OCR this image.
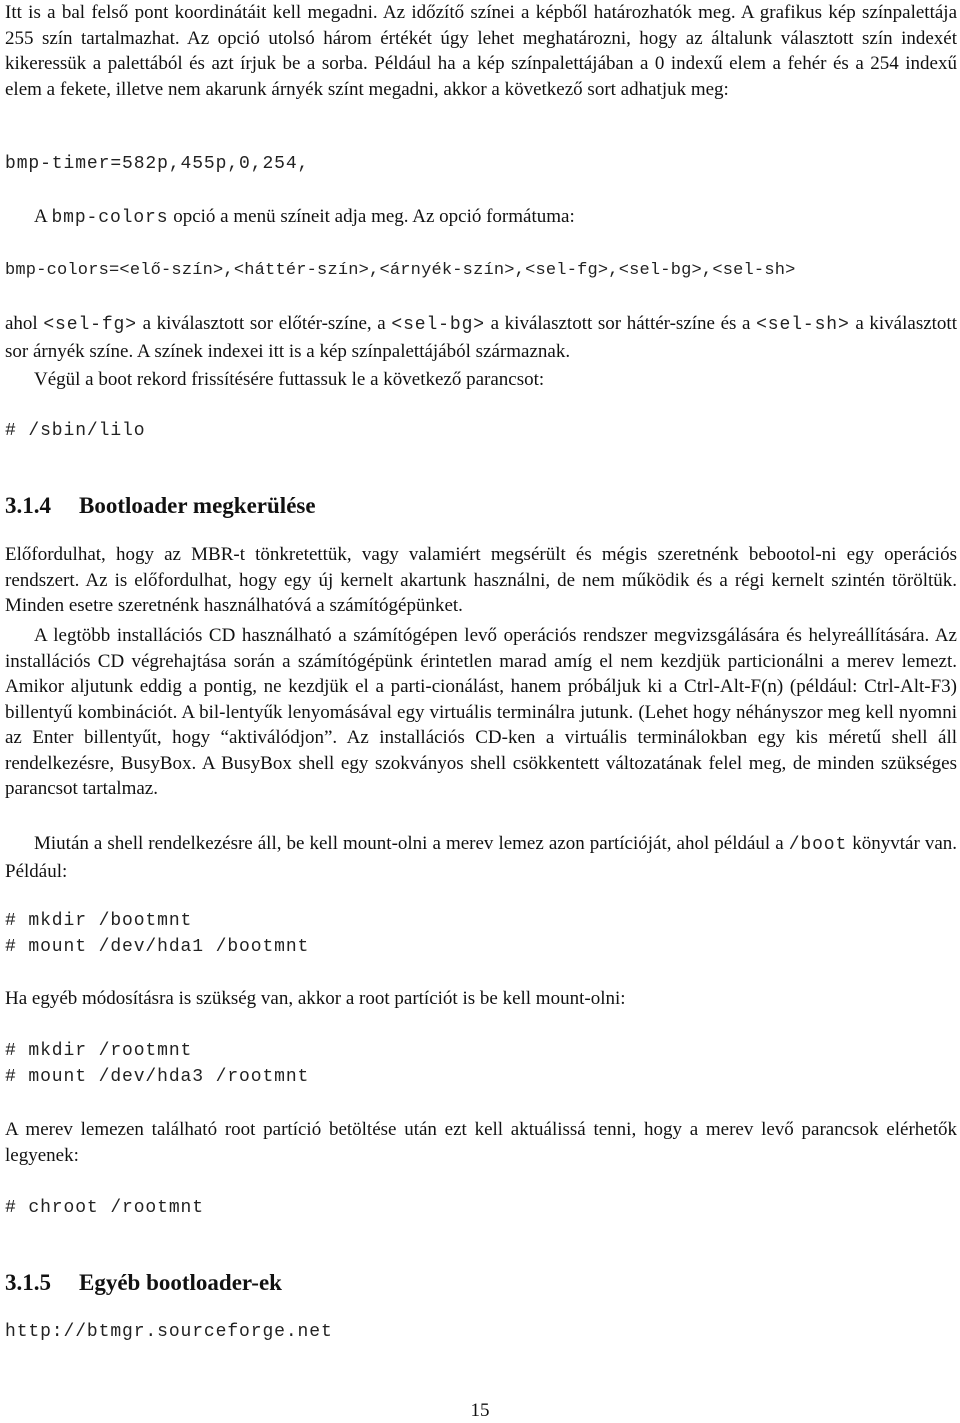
Itt is a bal felső pont koordinátáit kell megadni. Az időzítő színei a képből határozhatók meg. A grafikus kép színpalettája 255 szín tartalmazhat. Az opció utolsó három értékét úgy lehet meghatározni, hogy az általunk választott szín indexét kikeressük a palettából és azt írjuk be a sorba. Például ha a kép színpalettájában a 0 indexű elem a fehér és a 254 indexű elem a fekete, illetve nem akarunk árnyék színt megadni, akkor a következő sort adhatjuk meg:

bmp-timer=582p,455p,0,254,

A bmp-colors opció a menü színeit adja meg. Az opció formátuma:

bmp-colors=<elő-szín>,<háttér-szín>,<árnyék-szín>,<sel-fg>,<sel-bg>,<sel-sh>

ahol <sel-fg> a kiválasztott sor előtér-színe, a <sel-bg> a kiválasztott sor háttér-színe és a <sel-sh> a kiválasztott sor árnyék színe. A színek indexei itt is a kép színpalettájából származnak.

Végül a boot rekord frissítésére futtassuk le a következő parancsot:

# /sbin/lilo
3.1.4 Bootloader megkerülése

Előfordulhat, hogy az MBR-t tönkretettük, vagy valamiért megsérült és mégis szeretnénk bebootol-ni egy operációs rendszert. Az is előfordulhat, hogy egy új kernelt akartunk használni, de nem működik és a régi kernelt szintén töröltük. Minden esetre szeretnénk használhatóvá a számítógépünket.

A legtöbb installációs CD használható a számítógépen levő operációs rendszer megvizsgálására és helyreállítására. Az installációs CD végrehajtása során a számítógépünk érintetlen marad amíg el nem kezdjük particionálni a merev lemezt. Amikor aljutunk eddig a pontig, ne kezdjük el a parti-cionálást, hanem próbáljuk ki a Ctrl-Alt-F(n) (például: Ctrl-Alt-F3) billentyű kombinációt. A bil-lentyűk lenyomásával egy virtuális terminálra jutunk. (Lehet hogy néhányszor meg kell nyomni az Enter billentyűt, hogy “aktiválódjon”. Az installációs CD-ken a virtuális terminálokban egy kis méretű shell áll rendelkezésre, BusyBox. A BusyBox shell egy szokványos shell csökkentett változatának felel meg, de minden szükséges parancsot tartalmaz.

Miután a shell rendelkezésre áll, be kell mount-olni a merev lemez azon partícióját, ahol például a /boot könyvtár van. Például:

# mkdir /bootmnt
# mount /dev/hda1 /bootmnt

Ha egyéb módosításra is szükség van, akkor a root partíciót is be kell mount-olni:

# mkdir /rootmnt
# mount /dev/hda3 /rootmnt

A merev lemezen található root partíció betöltése után ezt kell aktuálissá tenni, hogy a merev levő parancsok elérhetők legyenek:

# chroot /rootmnt
3.1.5 Egyéb bootloader-ek
http://btmgr.sourceforge.net
15
